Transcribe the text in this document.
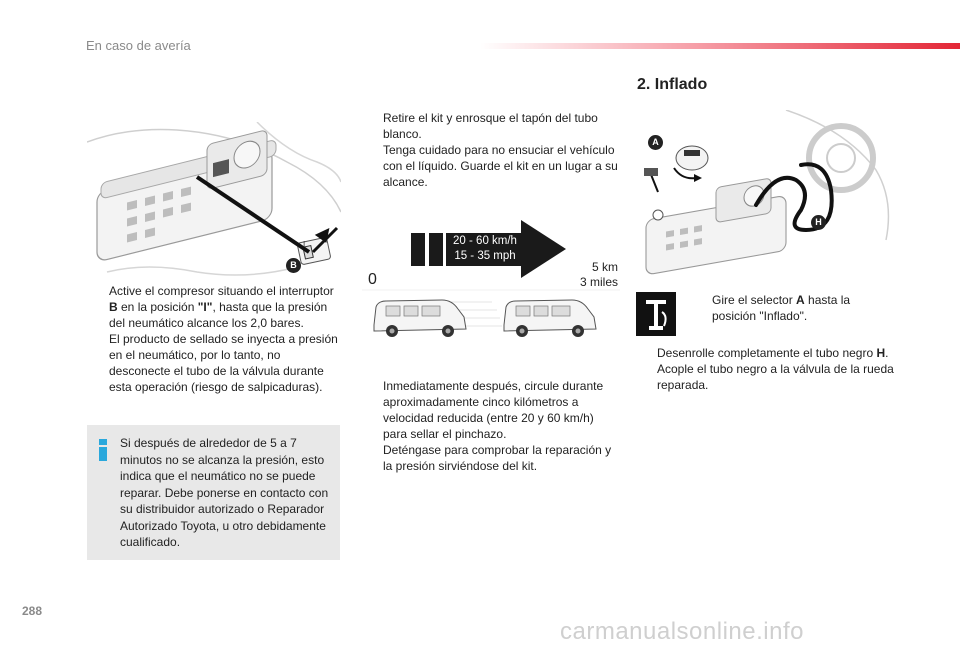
En caso de avería
B
I
Active el compresor situando el interruptor B en la posición "I", hasta que la presión del neumático alcance los 2,0 bares.
El producto de sellado se inyecta a presión en el neumático, por lo tanto, no desconecte el tubo de la válvula durante esta operación (riesgo de salpicaduras).
Si después de alrededor de 5 a 7 minutos no se alcanza la presión, esto indica que el neumático no se puede reparar. Debe ponerse en contacto con su distribuidor autorizado o Reparador Autorizado Toyota, u otro debidamente cualificado.
Retire el kit y enrosque el tapón del tubo blanco.
Tenga cuidado para no ensuciar el vehículo con el líquido. Guarde el kit en un lugar a su alcance.
20 - 60 km/h
15 - 35 mph
0
5 km
3 miles
Inmediatamente después, circule durante aproximadamente cinco kilómetros a velocidad reducida (entre 20 y 60 km/h) para sellar el pinchazo.
Deténgase para comprobar la reparación y la presión sirviéndose del kit.
2. Inflado
A
H
Gire el selector A hasta la posición "Inflado".
Desenrolle completamente el tubo negro H.
Acople el tubo negro a la válvula de la rueda reparada.
288
carmanualsonline.info
